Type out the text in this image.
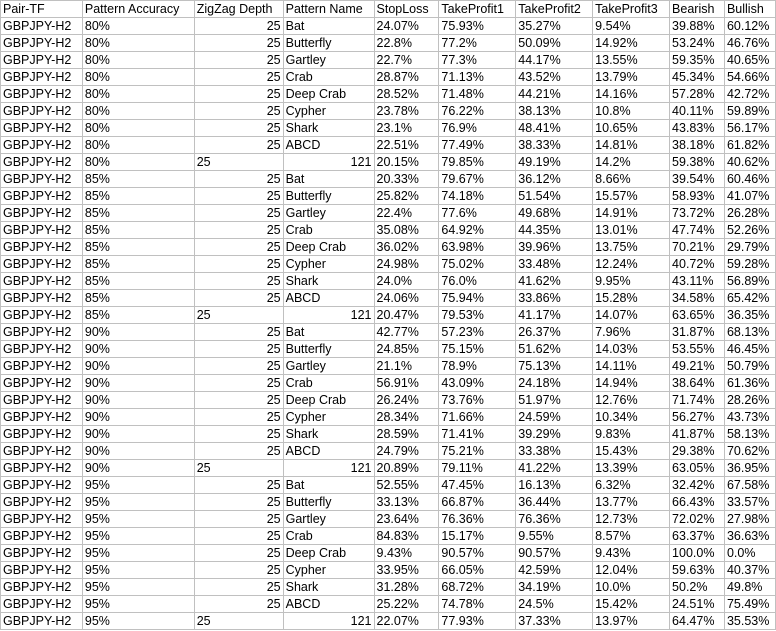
Pair-TF	Pattern Accuracy	ZigZag Depth	Pattern Name	StopLoss	TakeProfit1	TakeProfit2	TakeProfit3	Bearish	Bullish
GBPJPY-H2	80%	25	Bat	24.07%	75.93%	35.27%	9.54%	39.88%	60.12%
GBPJPY-H2	80%	25	Butterfly	22.8%	77.2%	50.09%	14.92%	53.24%	46.76%
GBPJPY-H2	80%	25	Gartley	22.7%	77.3%	44.17%	13.55%	59.35%	40.65%
GBPJPY-H2	80%	25	Crab	28.87%	71.13%	43.52%	13.79%	45.34%	54.66%
GBPJPY-H2	80%	25	Deep Crab	28.52%	71.48%	44.21%	14.16%	57.28%	42.72%
GBPJPY-H2	80%	25	Cypher	23.78%	76.22%	38.13%	10.8%	40.11%	59.89%
GBPJPY-H2	80%	25	Shark	23.1%	76.9%	48.41%	10.65%	43.83%	56.17%
GBPJPY-H2	80%	25	ABCD	22.51%	77.49%	38.33%	14.81%	38.18%	61.82%
GBPJPY-H2	80%	25	121	20.15%	79.85%	49.19%	14.2%	59.38%	40.62%
GBPJPY-H2	85%	25	Bat	20.33%	79.67%	36.12%	8.66%	39.54%	60.46%
GBPJPY-H2	85%	25	Butterfly	25.82%	74.18%	51.54%	15.57%	58.93%	41.07%
GBPJPY-H2	85%	25	Gartley	22.4%	77.6%	49.68%	14.91%	73.72%	26.28%
GBPJPY-H2	85%	25	Crab	35.08%	64.92%	44.35%	13.01%	47.74%	52.26%
GBPJPY-H2	85%	25	Deep Crab	36.02%	63.98%	39.96%	13.75%	70.21%	29.79%
GBPJPY-H2	85%	25	Cypher	24.98%	75.02%	33.48%	12.24%	40.72%	59.28%
GBPJPY-H2	85%	25	Shark	24.0%	76.0%	41.62%	9.95%	43.11%	56.89%
GBPJPY-H2	85%	25	ABCD	24.06%	75.94%	33.86%	15.28%	34.58%	65.42%
GBPJPY-H2	85%	25	121	20.47%	79.53%	41.17%	14.07%	63.65%	36.35%
GBPJPY-H2	90%	25	Bat	42.77%	57.23%	26.37%	7.96%	31.87%	68.13%
GBPJPY-H2	90%	25	Butterfly	24.85%	75.15%	51.62%	14.03%	53.55%	46.45%
GBPJPY-H2	90%	25	Gartley	21.1%	78.9%	75.13%	14.11%	49.21%	50.79%
GBPJPY-H2	90%	25	Crab	56.91%	43.09%	24.18%	14.94%	38.64%	61.36%
GBPJPY-H2	90%	25	Deep Crab	26.24%	73.76%	51.97%	12.76%	71.74%	28.26%
GBPJPY-H2	90%	25	Cypher	28.34%	71.66%	24.59%	10.34%	56.27%	43.73%
GBPJPY-H2	90%	25	Shark	28.59%	71.41%	39.29%	9.83%	41.87%	58.13%
GBPJPY-H2	90%	25	ABCD	24.79%	75.21%	33.38%	15.43%	29.38%	70.62%
GBPJPY-H2	90%	25	121	20.89%	79.11%	41.22%	13.39%	63.05%	36.95%
GBPJPY-H2	95%	25	Bat	52.55%	47.45%	16.13%	6.32%	32.42%	67.58%
GBPJPY-H2	95%	25	Butterfly	33.13%	66.87%	36.44%	13.77%	66.43%	33.57%
GBPJPY-H2	95%	25	Gartley	23.64%	76.36%	76.36%	12.73%	72.02%	27.98%
GBPJPY-H2	95%	25	Crab	84.83%	15.17%	9.55%	8.57%	63.37%	36.63%
GBPJPY-H2	95%	25	Deep Crab	9.43%	90.57%	90.57%	9.43%	100.0%	0.0%
GBPJPY-H2	95%	25	Cypher	33.95%	66.05%	42.59%	12.04%	59.63%	40.37%
GBPJPY-H2	95%	25	Shark	31.28%	68.72%	34.19%	10.0%	50.2%	49.8%
GBPJPY-H2	95%	25	ABCD	25.22%	74.78%	24.5%	15.42%	24.51%	75.49%
GBPJPY-H2	95%	25	121	22.07%	77.93%	37.33%	13.97%	64.47%	35.53%
